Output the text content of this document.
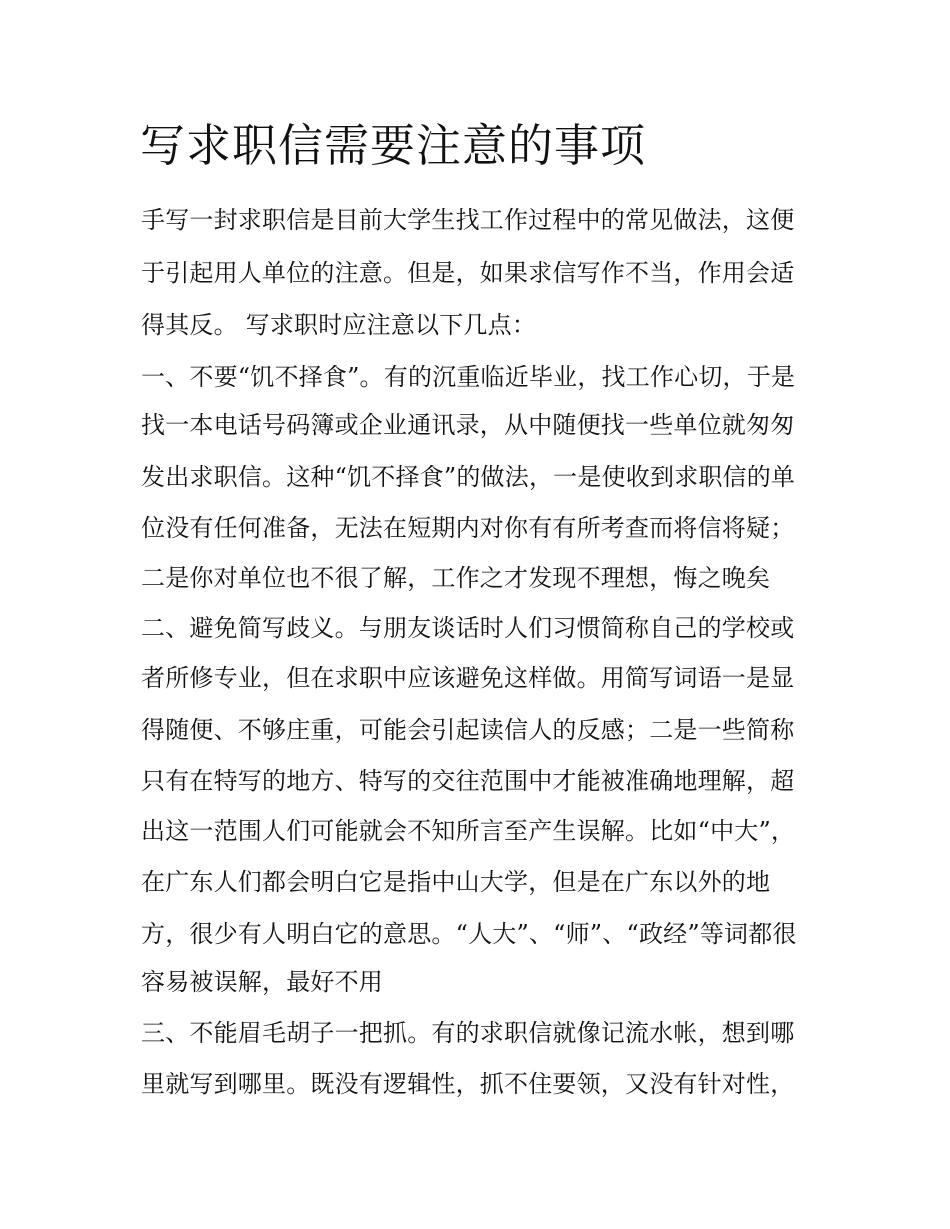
写求职信需要注意的事项

手写一封求职信是目前大学生找工作过程中的常见做法，这便

于引起用人单位的注意。但是，如果求信写作不当，作用会适

得其反。 写求职时应注意以下几点：

一、不要“饥不择食”。有的沉重临近毕业，找工作心切，于是

找一本电话号码簿或企业通讯录，从中随便找一些单位就匆匆

发出求职信。这种“饥不择食”的做法，一是使收到求职信的单

位没有任何准备，无法在短期内对你有有所考查而将信将疑；

二是你对单位也不很了解，工作之才发现不理想，悔之晚矣

二、避免简写歧义。与朋友谈话时人们习惯简称自己的学校或

者所修专业，但在求职中应该避免这样做。用简写词语一是显

得随便、不够庄重，可能会引起读信人的反感；二是一些简称

只有在特写的地方、特写的交往范围中才能被准确地理解，超

出这一范围人们可能就会不知所言至产生误解。比如“中大”，

在广东人们都会明白它是指中山大学，但是在广东以外的地

方，很少有人明白它的意思。“人大”、“师”、“政经”等词都很

容易被误解，最好不用

三、不能眉毛胡子一把抓。有的求职信就像记流水帐，想到哪

里就写到哪里。既没有逻辑性，抓不住要领，又没有针对性，
